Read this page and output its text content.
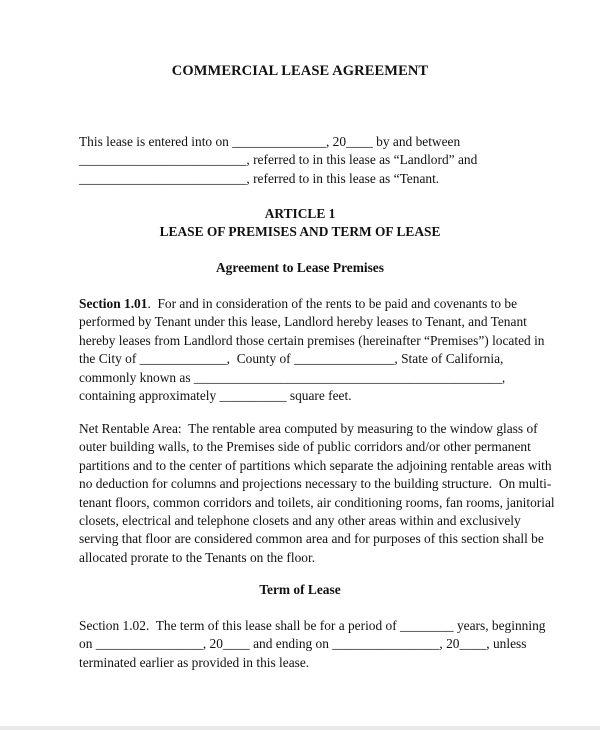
COMMERCIAL LEASE AGREEMENT
This lease is entered into on ______________, 20____ by and between
_________________________, referred to in this lease as “Landlord” and
_________________________, referred to in this lease as “Tenant.
ARTICLE 1
LEASE OF PREMISES AND TERM OF LEASE
Agreement to Lease Premises
Section 1.01.  For and in consideration of the rents to be paid and covenants to be
performed by Tenant under this lease, Landlord hereby leases to Tenant, and Tenant
hereby leases from Landlord those certain premises (hereinafter “Premises”) located in
the City of _____________,  County of _______________, State of California,
commonly known as ______________________________________________,
containing approximately __________ square feet.
Net Rentable Area:  The rentable area computed by measuring to the window glass of
outer building walls, to the Premises side of public corridors and/or other permanent
partitions and to the center of partitions which separate the adjoining rentable areas with
no deduction for columns and projections necessary to the building structure.  On multi-
tenant floors, common corridors and toilets, air conditioning rooms, fan rooms, janitorial
closets, electrical and telephone closets and any other areas within and exclusively
serving that floor are considered common area and for purposes of this section shall be
allocated prorate to the Tenants on the floor.
Term of Lease
Section 1.02.  The term of this lease shall be for a period of ________ years, beginning
on ________________, 20____ and ending on ________________, 20____, unless
terminated earlier as provided in this lease.
